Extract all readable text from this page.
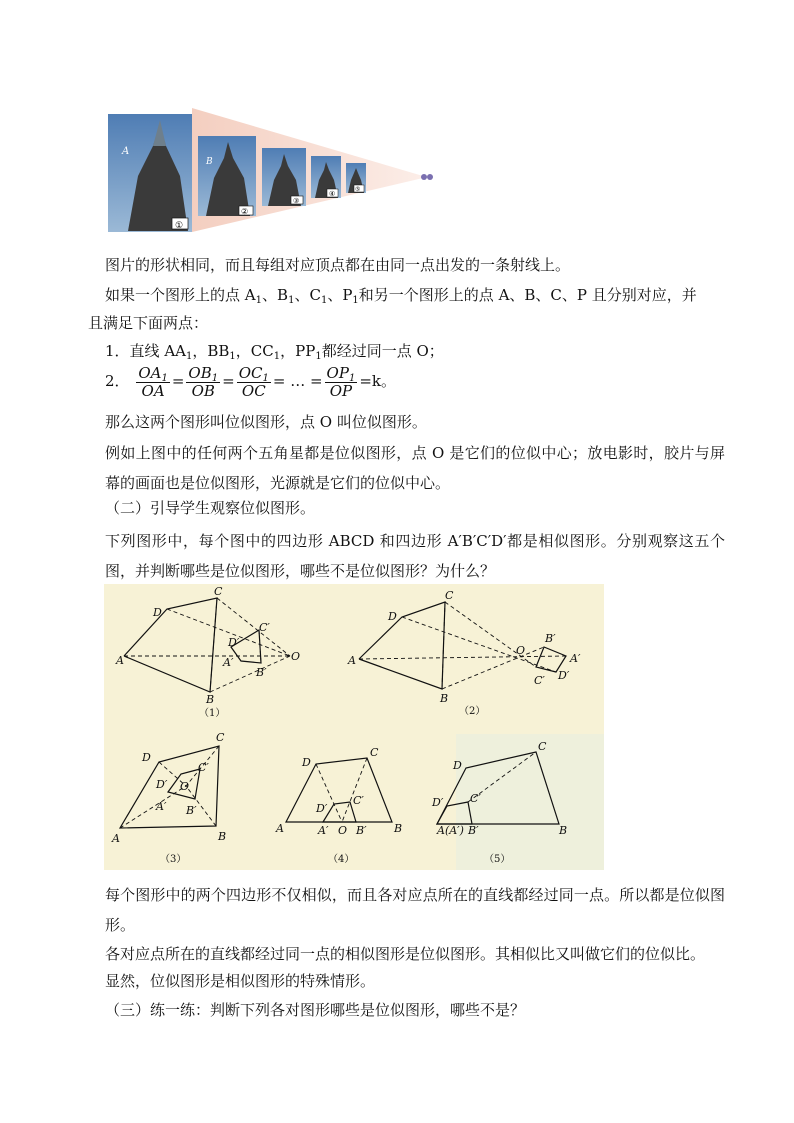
A
B
①
②
③
④
⑤
图片的形状相同，而且每组对应顶点都在由同一点出发的一条射线上。
如果一个图形上的点 $A_1$、$B_1$、$C_1$、$P_1$和另一个图形上的点 A、B、C、P 且分别对应，并
且满足下面两点：
1．直线 $AA_1$，$BB_1$，$CC_1$，$PP_1$都经过同一点 O；
2． $\frac{OA_1}{OA} = \frac{OB_1}{OB} = \frac{OC_1}{OC}$ = … = $\frac{OP_1}{OP} =k$。
那么这两个图形叫位似图形，点 O 叫位似图形。
例如上图中的任何两个五角星都是位似图形，点 O 是它们的位似中心；放电影时，胶片与屏幕的画面也是位似图形，光源就是它们的位似中心。
（二）引导学生观察位似图形。
下列图形中，每个图中的四边形 ABCD 和四边形 A′B′C′D′都是相似图形。分别观察这五个图，并判断哪些是位似图形，哪些不是位似图形？为什么？
D
C
A
B
O
D′
C′
A′
B′
（1）
D
C
A
B
O
B′
A′
D′
C′
（2）
D
C
A	B
O
D′
C′
A′ B′
（3）
D
C
A	B
O
D′
C′
A′	B′
（4）
D
C
A(A′)	B
D′ C′
B′
（5）
每个图形中的两个四边形不仅相似，而且各对应点所在的直线都经过同一点。所以都是位似图形。
各对应点所在的直线都经过同一点的相似图形是位似图形。其相似比又叫做它们的位似比。
显然，位似图形是相似图形的特殊情形。
（三）练一练：判断下列各对图形哪些是位似图形，哪些不是？
